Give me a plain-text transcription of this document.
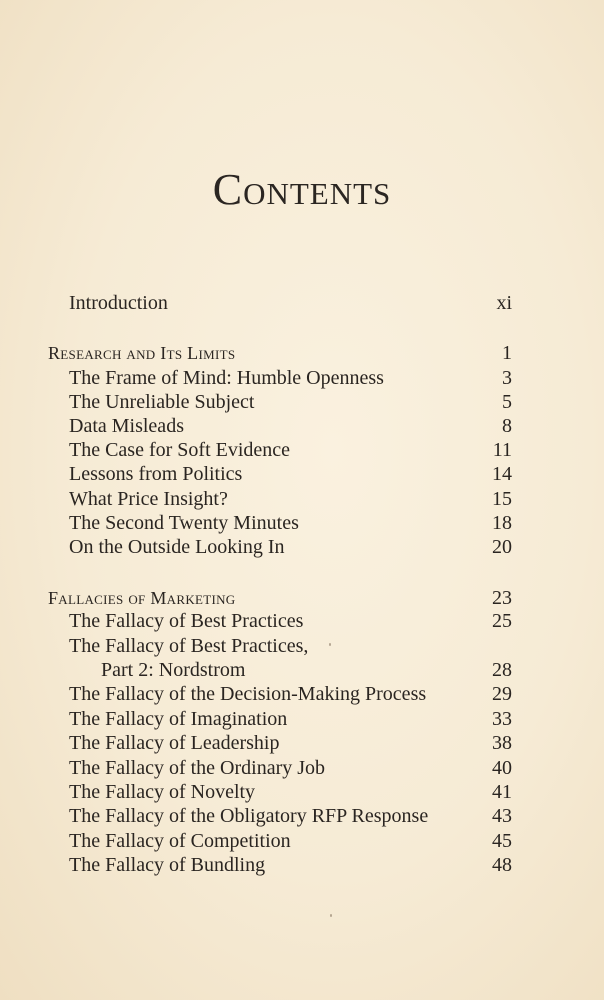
Contents
Introduction	xi
Research and Its Limits	1
The Frame of Mind: Humble Openness	3
The Unreliable Subject	5
Data Misleads	8
The Case for Soft Evidence	11
Lessons from Politics	14
What Price Insight?	15
The Second Twenty Minutes	18
On the Outside Looking In	20
Fallacies of Marketing	23
The Fallacy of Best Practices	25
The Fallacy of Best Practices,
Part 2: Nordstrom	28
The Fallacy of the Decision-Making Process	29
The Fallacy of Imagination	33
The Fallacy of Leadership	38
The Fallacy of the Ordinary Job	40
The Fallacy of Novelty	41
The Fallacy of the Obligatory RFP Response	43
The Fallacy of Competition	45
The Fallacy of Bundling	48
